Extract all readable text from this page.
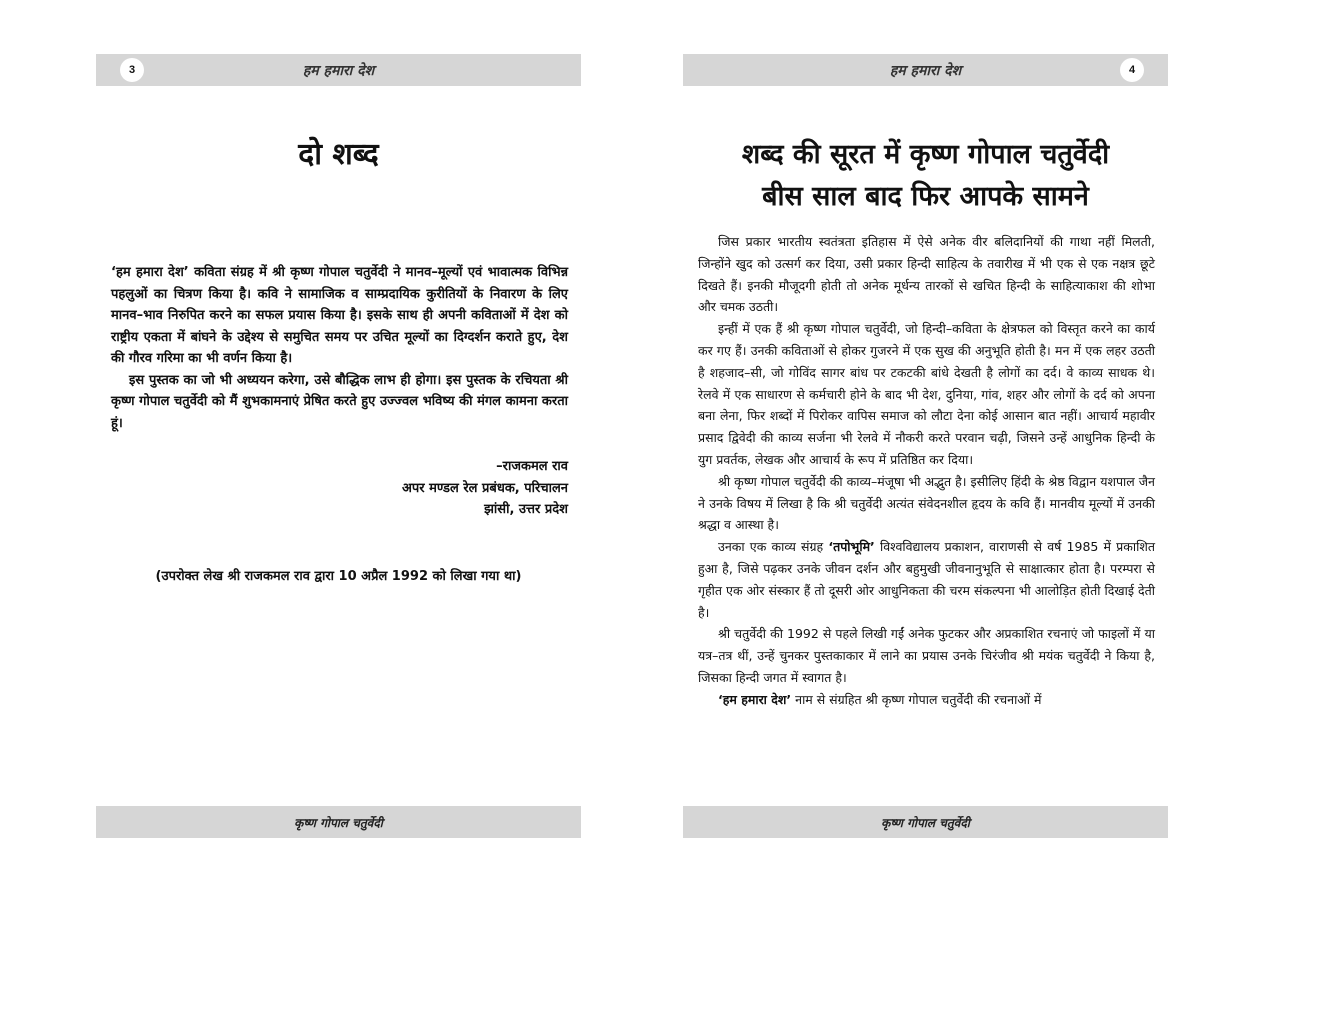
3	हम हमारा देश
दो शब्द

‘हम हमारा देश’ कविता संग्रह में श्री कृष्ण गोपाल चतुर्वेदी ने मानव–मूल्यों एवं भावात्मक विभिन्न पहलुओं का चित्रण किया है। कवि ने सामाजिक व साम्प्रदायिक कुरीतियों के निवारण के लिए मानव–भाव निरुपित करने का सफल प्रयास किया है। इसके साथ ही अपनी कविताओं में देश को राष्ट्रीय एकता में बांघने के उद्देश्य से समुचित समय पर उचित मूल्यों का दिग्दर्शन कराते हुए, देश की गौरव गरिमा का भी वर्णन किया है।

इस पुस्तक का जो भी अध्ययन करेगा, उसे बौद्धिक लाभ ही होगा। इस पुस्तक के रचियता श्री कृष्ण गोपाल चतुर्वेदी को मैं शुभकामनाएं प्रेषित करते हुए उज्ज्वल भविष्य की मंगल कामना करता हूं।

–राजकमल राव
अपर मण्डल रेल प्रबंधक, परिचालन
झांसी, उत्तर प्रदेश
(उपरोक्त लेख श्री राजकमल राव द्वारा 10 अप्रैल 1992 को लिखा गया था)
कृष्ण गोपाल चतुर्वेदी
हम हमारा देश	4
शब्द की सूरत में कृष्ण गोपाल चतुर्वेदी
बीस साल बाद फिर आपके सामने

जिस प्रकार भारतीय स्वतंत्रता इतिहास में ऐसे अनेक वीर बलिदानियों की गाथा नहीं मिलती, जिन्होंने खुद को उत्सर्ग कर दिया, उसी प्रकार हिन्दी साहित्य के तवारीख में भी एक से एक नक्षत्र छूटे दिखते हैं। इनकी मौजूदगी होती तो अनेक मूर्धन्य तारकों से खचित हिन्दी के साहित्याकाश की शोभा और चमक उठती।

इन्हीं में एक हैं श्री कृष्ण गोपाल चतुर्वेदी, जो हिन्दी–कविता के क्षेत्रफल को विस्तृत करने का कार्य कर गए हैं। उनकी कविताओं से होकर गुजरने में एक सुख की अनुभूति होती है। मन में एक लहर उठती है शहजाद–सी, जो गोविंद सागर बांध पर टकटकी बांधे देखती है लोगों का दर्द। वे काव्य साधक थे। रेलवे में एक साधारण से कर्मचारी होने के बाद भी देश, दुनिया, गांव, शहर और लोगों के दर्द को अपना बना लेना, फिर शब्दों में पिरोकर वापिस समाज को लौटा देना कोई आसान बात नहीं। आचार्य महावीर प्रसाद द्विवेदी की काव्य सर्जना भी रेलवे में नौकरी करते परवान चढ़ी, जिसने उन्हें आधुनिक हिन्दी के युग प्रवर्तक, लेखक और आचार्य के रूप में प्रतिष्ठित कर दिया।

श्री कृष्ण गोपाल चतुर्वेदी की काव्य–मंजूषा भी अद्भुत है। इसीलिए हिंदी के श्रेष्ठ विद्वान यशपाल जैन ने उनके विषय में लिखा है कि श्री चतुर्वेदी अत्यंत संवेदनशील हृदय के कवि हैं। मानवीय मूल्यों में उनकी श्रद्धा व आस्था है।

उनका एक काव्य संग्रह ‘तपोभूमि’ विश्वविद्यालय प्रकाशन, वाराणसी से वर्ष 1985 में प्रकाशित हुआ है, जिसे पढ़कर उनके जीवन दर्शन और बहुमुखी जीवनानुभूति से साक्षात्कार होता है। परम्परा से गृहीत एक ओर संस्कार हैं तो दूसरी ओर आधुनिकता की चरम संकल्पना भी आलोड़ित होती दिखाई देती है।

श्री चतुर्वेदी की 1992 से पहले लिखी गईं अनेक फुटकर और अप्रकाशित रचनाएं जो फाइलों में या यत्र–तत्र थीं, उन्हें चुनकर पुस्तकाकार में लाने का प्रयास उनके चिरंजीव श्री मयंक चतुर्वेदी ने किया है, जिसका हिन्दी जगत में स्वागत है।

‘हम हमारा देश’ नाम से संग्रहित श्री कृष्ण गोपाल चतुर्वेदी की रचनाओं में

कृष्ण गोपाल चतुर्वेदी
